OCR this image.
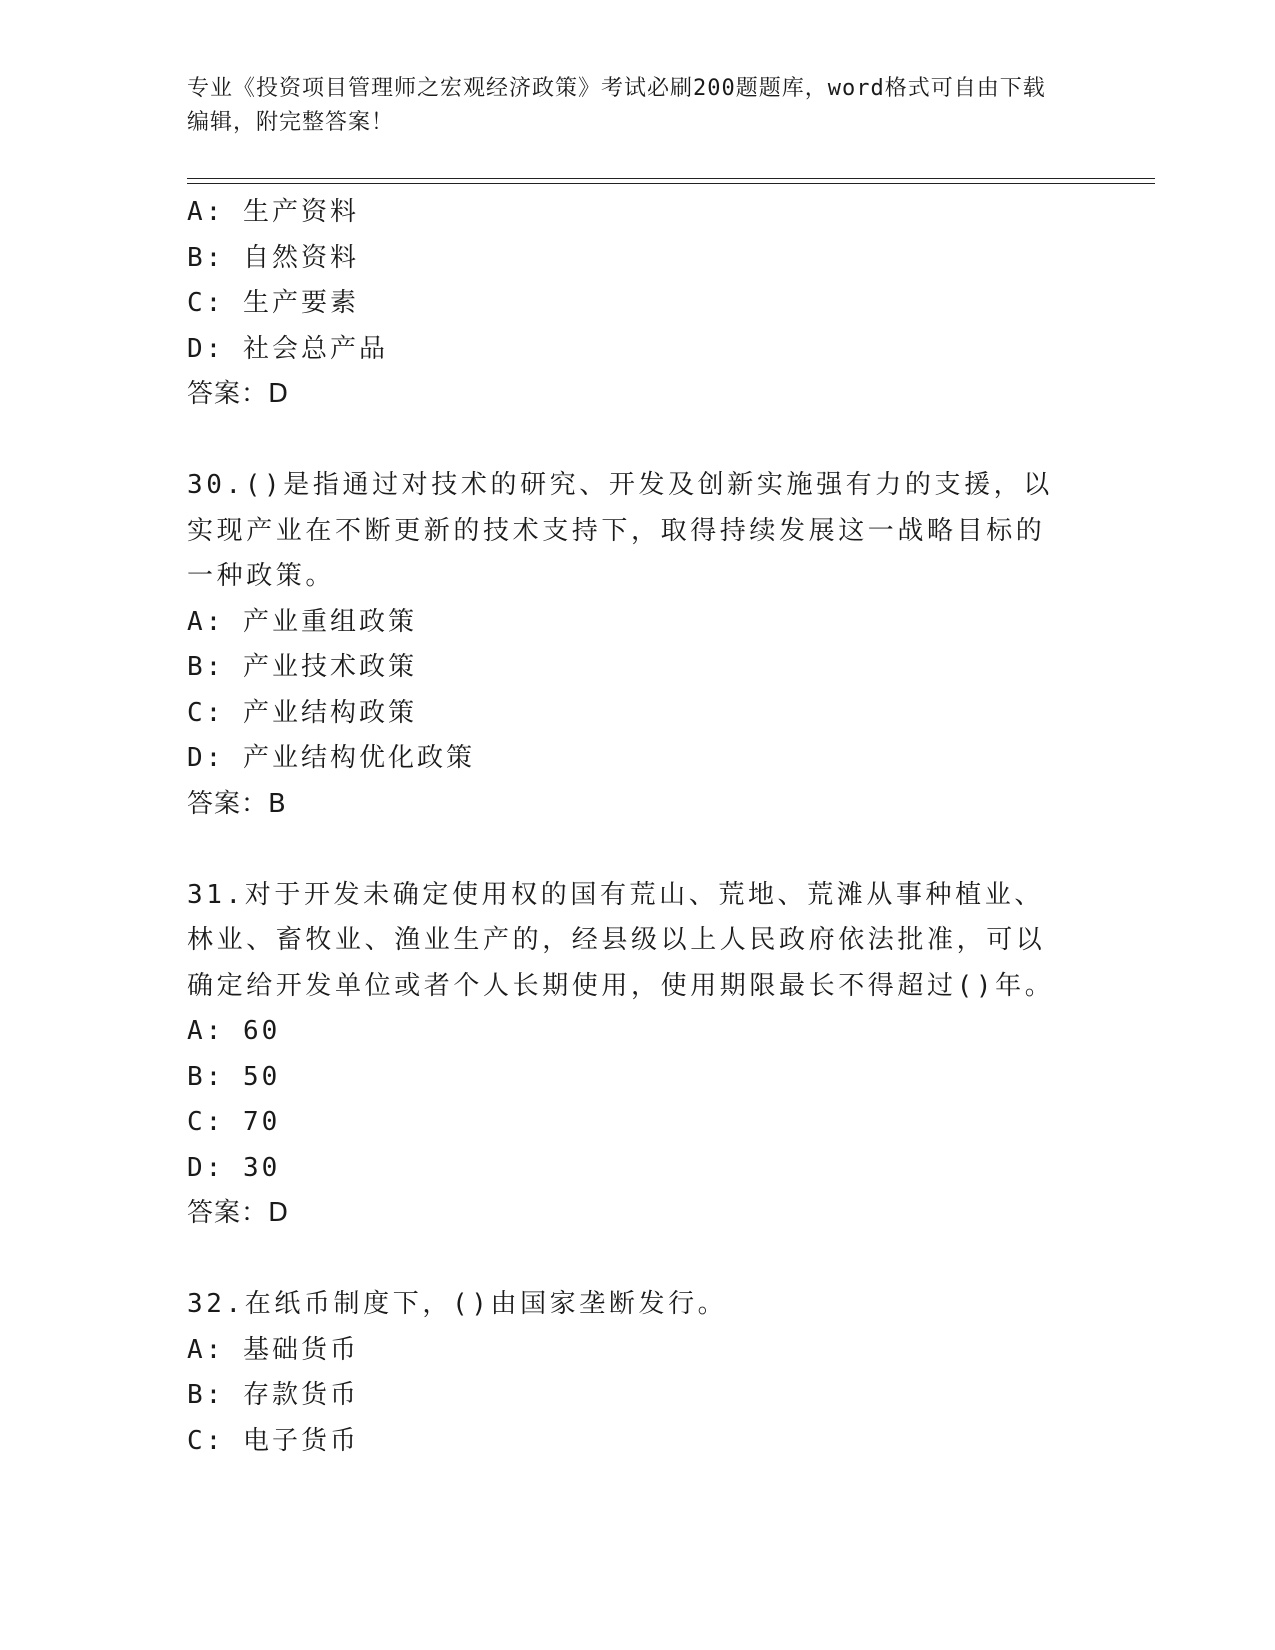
专业《投资项目管理师之宏观经济政策》考试必刷200题题库，word格式可自由下载编辑，附完整答案！
A: 生产资料
B: 自然资料
C: 生产要素
D: 社会总产品
答案：D
30.()是指通过对技术的研究、开发及创新实施强有力的支援，以实现产业在不断更新的技术支持下，取得持续发展这一战略目标的一种政策。
A: 产业重组政策
B: 产业技术政策
C: 产业结构政策
D: 产业结构优化政策
答案：B
31.对于开发未确定使用权的国有荒山、荒地、荒滩从事种植业、林业、畜牧业、渔业生产的，经县级以上人民政府依法批准，可以确定给开发单位或者个人长期使用，使用期限最长不得超过()年。
A: 60
B: 50
C: 70
D: 30
答案：D
32.在纸币制度下，()由国家垄断发行。
A: 基础货币
B: 存款货币
C: 电子货币
